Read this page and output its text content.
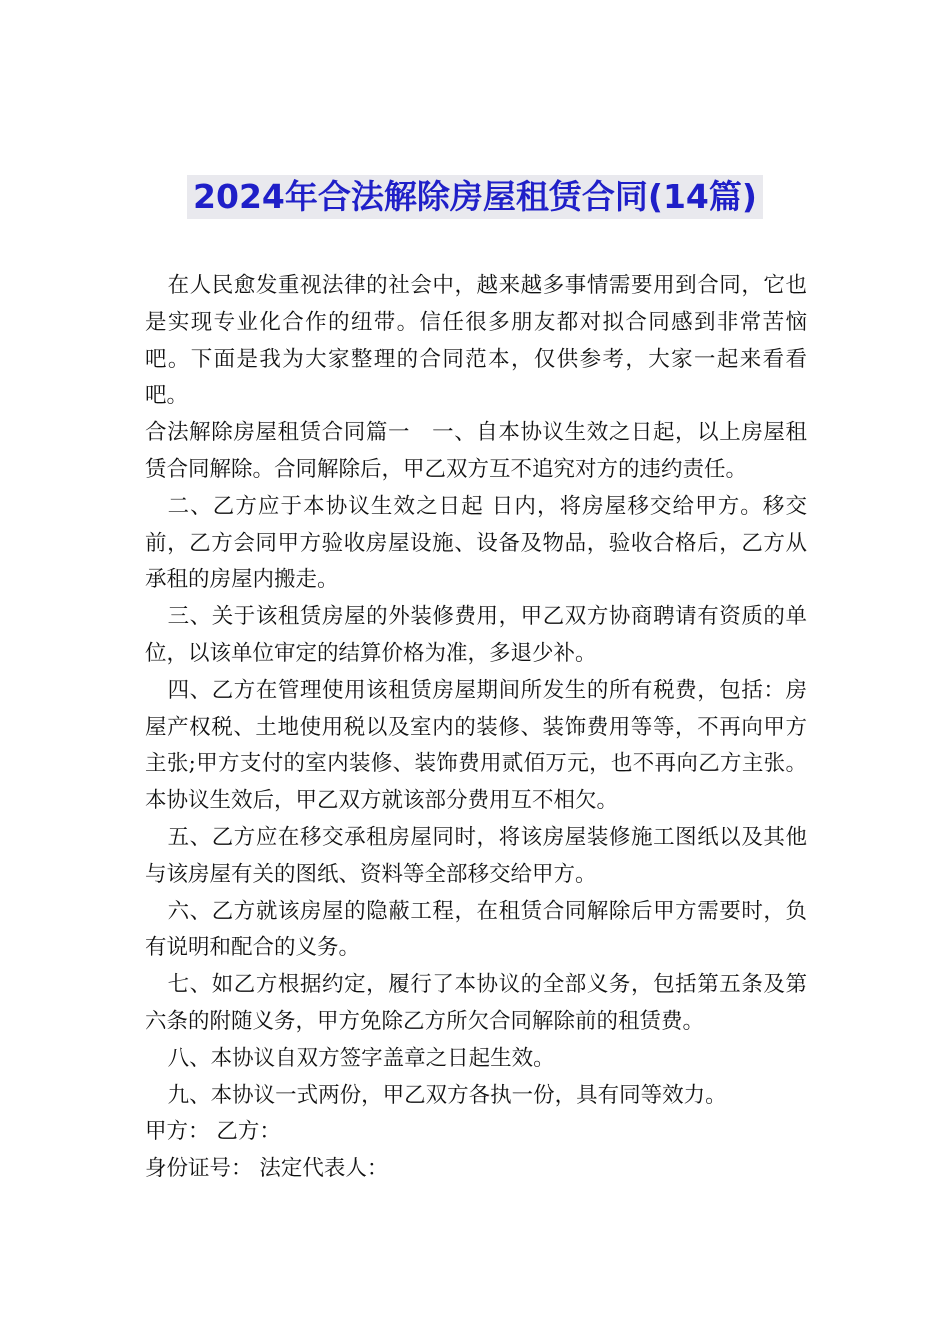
2024年合法解除房屋租赁合同(14篇)

在人民愈发重视法律的社会中，越来越多事情需要用到合同，它也是实现专业化合作的纽带。信任很多朋友都对拟合同感到非常苦恼吧。下面是我为大家整理的合同范本，仅供参考，大家一起来看看吧。

合法解除房屋租赁合同篇一　一、自本协议生效之日起，以上房屋租赁合同解除。合同解除后，甲乙双方互不追究对方的违约责任。

二、乙方应于本协议生效之日起 日内，将房屋移交给甲方。移交前，乙方会同甲方验收房屋设施、设备及物品，验收合格后，乙方从承租的房屋内搬走。

三、关于该租赁房屋的外装修费用，甲乙双方协商聘请有资质的单位，以该单位审定的结算价格为准，多退少补。

四、乙方在管理使用该租赁房屋期间所发生的所有税费，包括：房屋产权税、土地使用税以及室内的装修、装饰费用等等，不再向甲方主张;甲方支付的室内装修、装饰费用贰佰万元，也不再向乙方主张。本协议生效后，甲乙双方就该部分费用互不相欠。

五、乙方应在移交承租房屋同时，将该房屋装修施工图纸以及其他与该房屋有关的图纸、资料等全部移交给甲方。

六、乙方就该房屋的隐蔽工程，在租赁合同解除后甲方需要时，负有说明和配合的义务。

七、如乙方根据约定，履行了本协议的全部义务，包括第五条及第六条的附随义务，甲方免除乙方所欠合同解除前的租赁费。

八、本协议自双方签字盖章之日起生效。

九、本协议一式两份，甲乙双方各执一份，具有同等效力。

甲方： 乙方：

身份证号： 法定代表人：
